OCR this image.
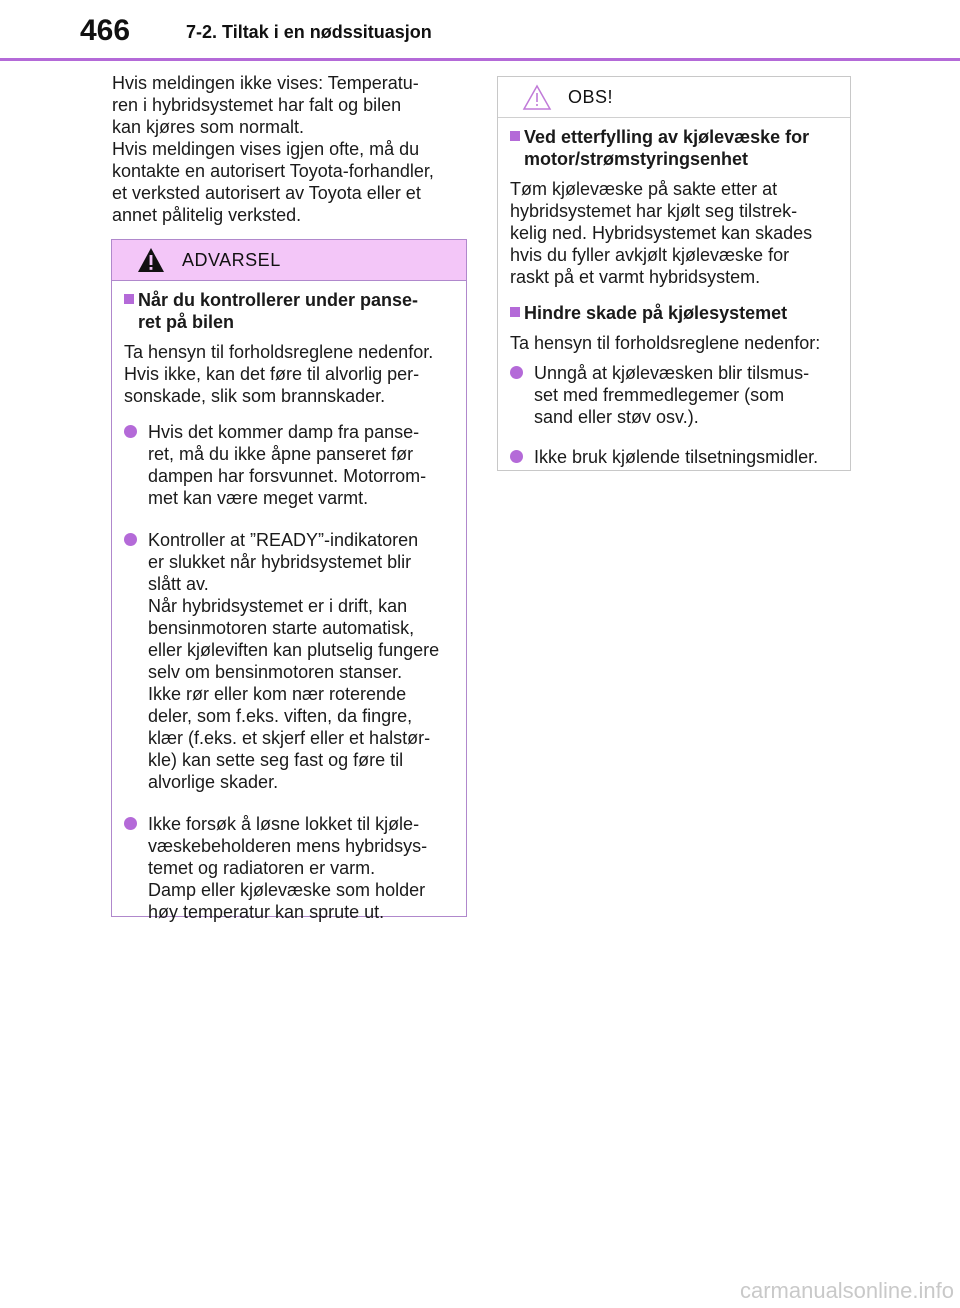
466	7-2. Tiltak i en nødssituasjon

Hvis meldingen ikke vises: Temperatu-
ren i hybridsystemet har falt og bilen
kan kjøres som normalt.

Hvis meldingen vises igjen ofte, må du
kontakte en autorisert Toyota-forhandler,
et verksted autorisert av Toyota eller et
annet pålitelig verksted.

ADVARSEL
Når du kontrollerer under panse-
ret på bilen

Ta hensyn til forholdsreglene nedenfor.
Hvis ikke, kan det føre til alvorlig per-
sonskade, slik som brannskader.

Hvis det kommer damp fra panse-
ret, må du ikke åpne panseret før
dampen har forsvunnet. Motorrom-
met kan være meget varmt.
Kontroller at ”READY”-indikatoren
er slukket når hybridsystemet blir
slått av.
Når hybridsystemet er i drift, kan
bensinmotoren starte automatisk,
eller kjøleviften kan plutselig fungere
selv om bensinmotoren stanser.
Ikke rør eller kom nær roterende
deler, som f.eks. viften, da fingre,
klær (f.eks. et skjerf eller et halstør-
kle) kan sette seg fast og føre til
alvorlige skader.
Ikke forsøk å løsne lokket til kjøle-
væskebeholderen mens hybridsys-
temet og radiatoren er varm.
Damp eller kjølevæske som holder
høy temperatur kan sprute ut.
OBS!
Ved etterfylling av kjølevæske for
motor/strømstyringsenhet

Tøm kjølevæske på sakte etter at
hybridsystemet har kjølt seg tilstrek-
kelig ned. Hybridsystemet kan skades
hvis du fyller avkjølt kjølevæske for
raskt på et varmt hybridsystem.

Hindre skade på kjølesystemet

Ta hensyn til forholdsreglene nedenfor:

Unngå at kjølevæsken blir tilsmus-
set med fremmedlegemer (som
sand eller støv osv.).
Ikke bruk kjølende tilsetningsmidler.
carmanualsonline.info
